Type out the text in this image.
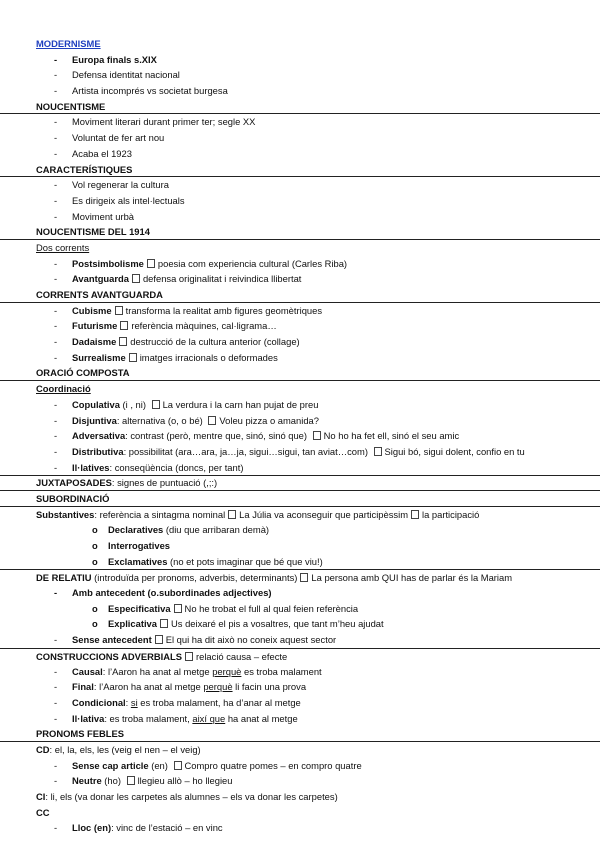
MODERNISME
- Europa finals s.XIX
- Defensa identitat nacional
- Artista incomprés vs societat burgesa
NOUCENTISME
- Moviment literari durant primer ter; segle XX
- Voluntat de fer art nou
- Acaba el 1923
CARACTERÍSTIQUES
- Vol regenerar la cultura
- Es dirigeix als intel·lectuals
- Moviment urbà
NOUCENTISME DEL 1914
Dos corrents
- Postsimbolisme poesia com experiencia cultural (Carles Riba)
- Avantguarda defensa originalitat i reivindica llibertat
CORRENTS AVANTGUARDA
- Cubisme transforma la realitat amb figures geomètriques
- Futurisme referència màquines, cal·ligrama…
- Dadaisme destrucció de la cultura anterior (collage)
- Surrealisme imatges irracionals o deformades
ORACIÓ COMPOSTA
Coordinació
- Copulativa (i , ni) La verdura i la carn han pujat de preu
- Disjuntiva: alternativa (o, o bé) Voleu pizza o amanida?
- Adversativa: contrast (però, mentre que, sinó, sinó que) No ho ha fet ell, sinó el seu amic
- Distributiva: possibilitat (ara…ara, ja…ja, sigui…sigui, tan aviat…com) Sigui bó, sigui dolent, confio en tu
- Il·latives: conseqüència (doncs, per tant)
JUXTAPOSADES: signes de puntuació (,;:)
SUBORDINACIÓ
Substantives: referència a sintagma nominal La Júlia va aconseguir que participèssim la participació
o Declaratives (diu que arribaran demà)
o Interrogatives
o Exclamatives (no et pots imaginar que bé que viu!)
DE RELATIU (introduïda per pronoms, adverbis, determinants) La persona amb QUI has de parlar és la Mariam
- Amb antecedent (o.subordinades adjectives)
o Especificativa No he trobat el full al qual feien referència
o Explicativa Us deixaré el pis a vosaltres, que tant m’heu ajudat
- Sense antecedent El qui ha dit això no coneix aquest sector
CONSTRUCCIONS ADVERBIALS relació causa – efecte
- Causal: l’Aaron ha anat al metge perquè es troba malament
- Final: l’Aaron ha anat al metge perquè li facin una prova
- Condicional: si es troba malament, ha d’anar al metge
- Il·lativa: es troba malament, així que ha anat al metge
PRONOMS FEBLES
CD: el, la, els, les (veig el nen – el veig)
- Sense cap article (en) Compro quatre pomes – en compro quatre
- Neutre (ho) llegieu allò – ho llegieu
CI: li, els (va donar les carpetes als alumnes – els va donar les carpetes)
CC
- Lloc (en): vinc de l’estació – en vinc
